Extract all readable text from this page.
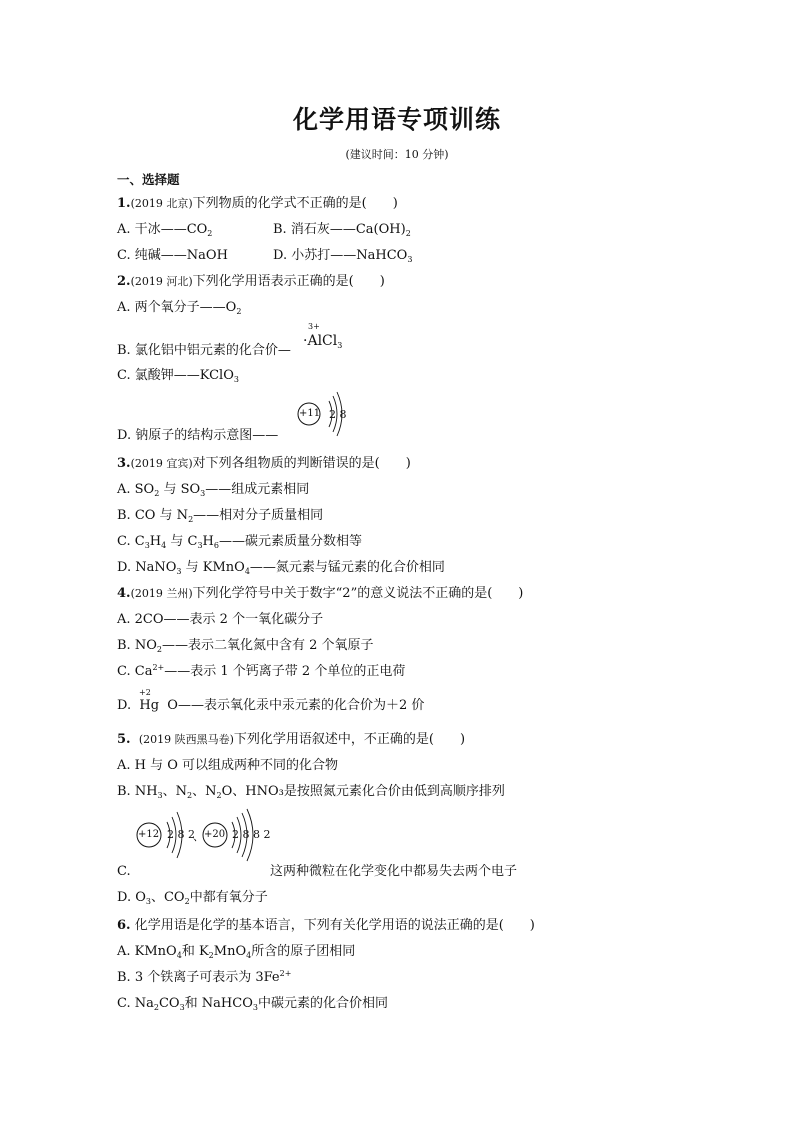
化学用语专项训练
(建议时间：10 分钟)
一、选择题
1.(2019 北京)下列物质的化学式不正确的是(　　)
A. 干冰$——CO_2$	B. 消石灰$——Ca(OH)_2$
C. 纯碱——NaOH	D. 小苏打——NaHCO$_3$
2.(2019 河北)下列化学用语表示正确的是(　　)
A. 两个氧分子$——O_2$
B. 氯化铝中铝元素的化合价—
3+
·AlCl$_3$
C. 氯酸钾——KClO$_3$
D. 钠原子的结构示意图——
+11 2 8
3.(2019 宜宾)对下列各组物质的判断错误的是(　　)
A. $SO_2$ 与 $SO_3——$组成元素相同
B. CO 与 $N_2——$相对分子质量相同
C. $C_3H_4$ 与 $C_3H_6——$碳元素质量分数相等
D. NaNO$_3$ 与 KMnO$_4$——氮元素与锰元素的化合价相同
4.(2019 兰州)下列化学符号中关于数字“2”的意义说法不正确的是(　　)
A. 2CO——表示 2 个一氧化碳分子
B. $NO_2——$表示二氧化氮中含有 2 个氧原子
C. $Ca^{2+}——$表示 1 个钙离子带 2 个单位的正电荷
+2
D.  Hg  O——表示氧化汞中汞元素的化合价为＋2 价
5. (2019 陕西黑马卷)下列化学用语叙述中，不正确的是(　　)
A. H 与 O 可以组成两种不同的化合物
B. $NH_3$、$N_2$、$N_2O$、HNO₃是按照氮元素化合价由低到高顺序排列
+12 2 8 2
、 +20 2 8 8 2
C.	这两种微粒在化学变化中都易失去两个电子
D. $O_3$、$CO_2$中都有氧分子
6. 化学用语是化学的基本语言，下列有关化学用语的说法正确的是(　　)
A. KMnO$_4$和 $K_2MnO_4$所含的原子团相同
B. 3 个铁离子可表示为 $3Fe^{2+}$
C. $Na_2CO_3$和 NaHCO$_3$中碳元素的化合价相同
